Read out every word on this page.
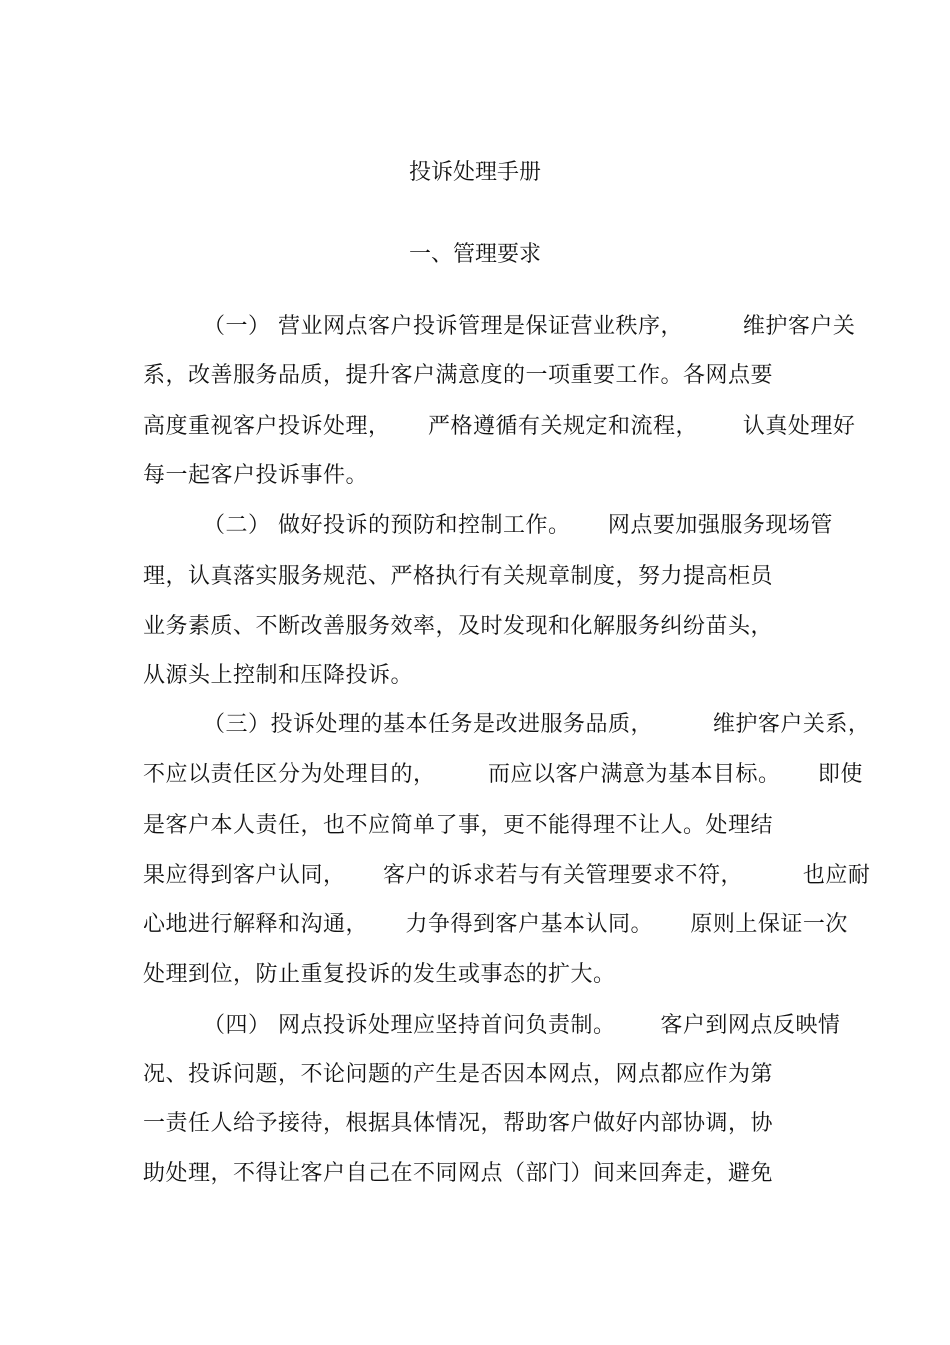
投诉处理手册
一、管理要求
（一） 营业网点客户投诉管理是保证营业秩序，        维护客户关
系，改善服务品质，提升客户满意度的一项重要工作。各网点要
高度重视客户投诉处理，     严格遵循有关规定和流程，      认真处理好
每一起客户投诉事件。
（二） 做好投诉的预防和控制工作。     网点要加强服务现场管
理，认真落实服务规范、严格执行有关规章制度，努力提高柜员
业务素质、不断改善服务效率，及时发现和化解服务纠纷苗头，
从源头上控制和压降投诉。
（三）投诉处理的基本任务是改进服务品质，        维护客户关系，
不应以责任区分为处理目的，       而应以客户满意为基本目标。     即使
是客户本人责任，也不应简单了事，更不能得理不让人。处理结
果应得到客户认同，     客户的诉求若与有关管理要求不符，        也应耐
心地进行解释和沟通，     力争得到客户基本认同。     原则上保证一次
处理到位，防止重复投诉的发生或事态的扩大。
（四） 网点投诉处理应坚持首问负责制。      客户到网点反映情
况、投诉问题，不论问题的产生是否因本网点，网点都应作为第
一责任人给予接待，根据具体情况，帮助客户做好内部协调，协
助处理，不得让客户自己在不同网点（部门）间来回奔走，避免
